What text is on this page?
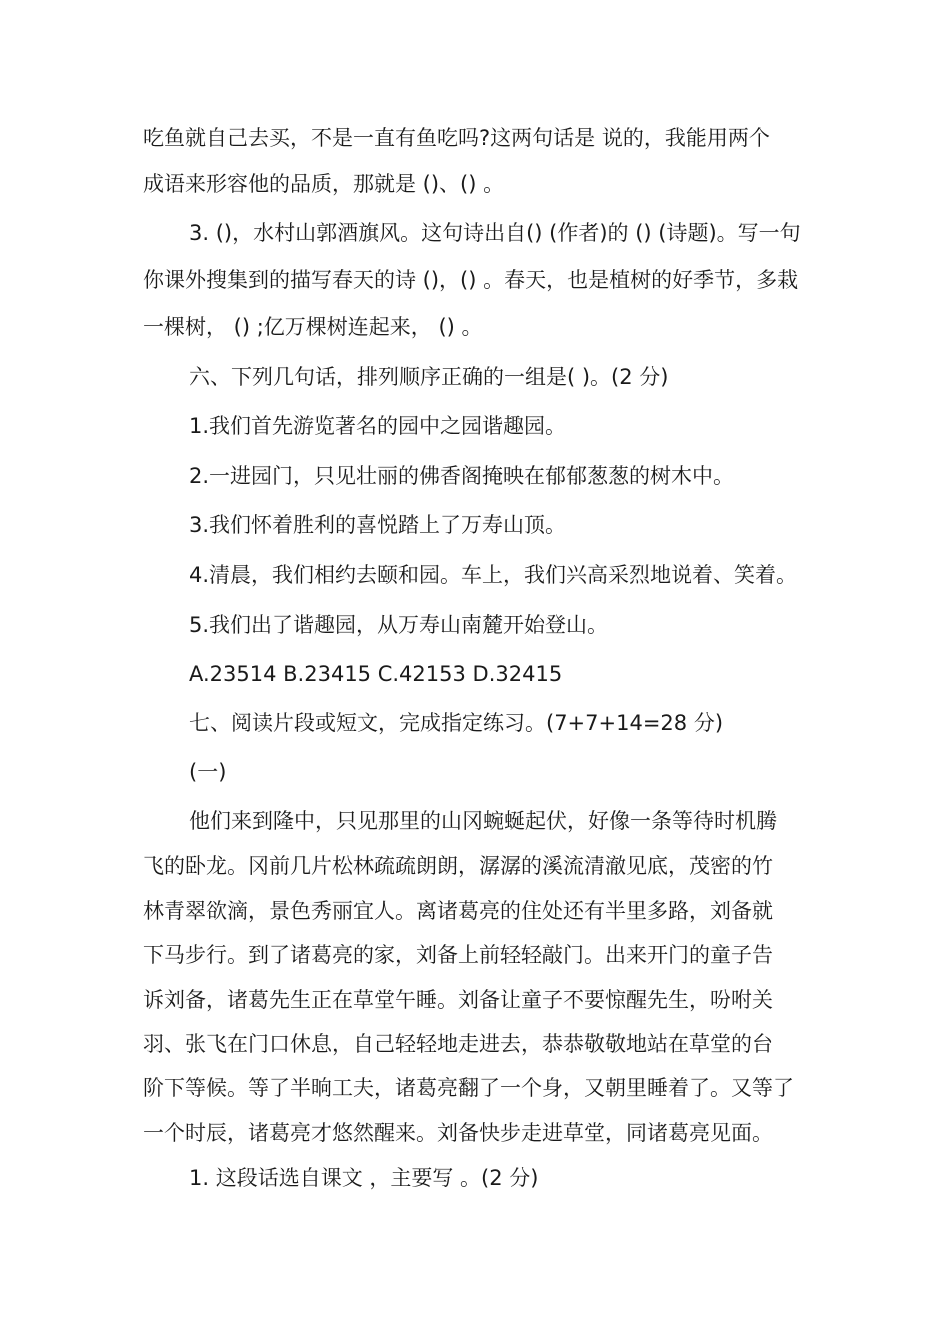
吃鱼就自己去买，不是一直有鱼吃吗?这两句话是 说的，我能用两个
成语来形容他的品质，那就是 ()、() 。
3. ()，水村山郭酒旗风。这句诗出自() (作者)的 () (诗题)。写一句
你课外搜集到的描写春天的诗 ()，() 。春天，也是植树的好季节，多栽
一棵树， () ;亿万棵树连起来， () 。
六、下列几句话，排列顺序正确的一组是( )。(2 分)
1.我们首先游览著名的园中之园谐趣园。
2.一进园门，只见壮丽的佛香阁掩映在郁郁葱葱的树木中。
3.我们怀着胜利的喜悦踏上了万寿山顶。
4.清晨，我们相约去颐和园。车上，我们兴高采烈地说着、笑着。
5.我们出了谐趣园，从万寿山南麓开始登山。
A.23514 B.23415 C.42153 D.32415
七、阅读片段或短文，完成指定练习。(7+7+14=28 分)
(一)
他们来到隆中，只见那里的山冈蜿蜒起伏，好像一条等待时机腾
飞的卧龙。冈前几片松林疏疏朗朗，潺潺的溪流清澈见底，茂密的竹
林青翠欲滴，景色秀丽宜人。离诸葛亮的住处还有半里多路，刘备就
下马步行。到了诸葛亮的家，刘备上前轻轻敲门。出来开门的童子告
诉刘备，诸葛先生正在草堂午睡。刘备让童子不要惊醒先生，吩咐关
羽、张飞在门口休息，自己轻轻地走进去，恭恭敬敬地站在草堂的台
阶下等候。等了半晌工夫，诸葛亮翻了一个身，又朝里睡着了。又等了
一个时辰，诸葛亮才悠然醒来。刘备快步走进草堂，同诸葛亮见面。
1. 这段话选自课文 ，主要写 。(2 分)
